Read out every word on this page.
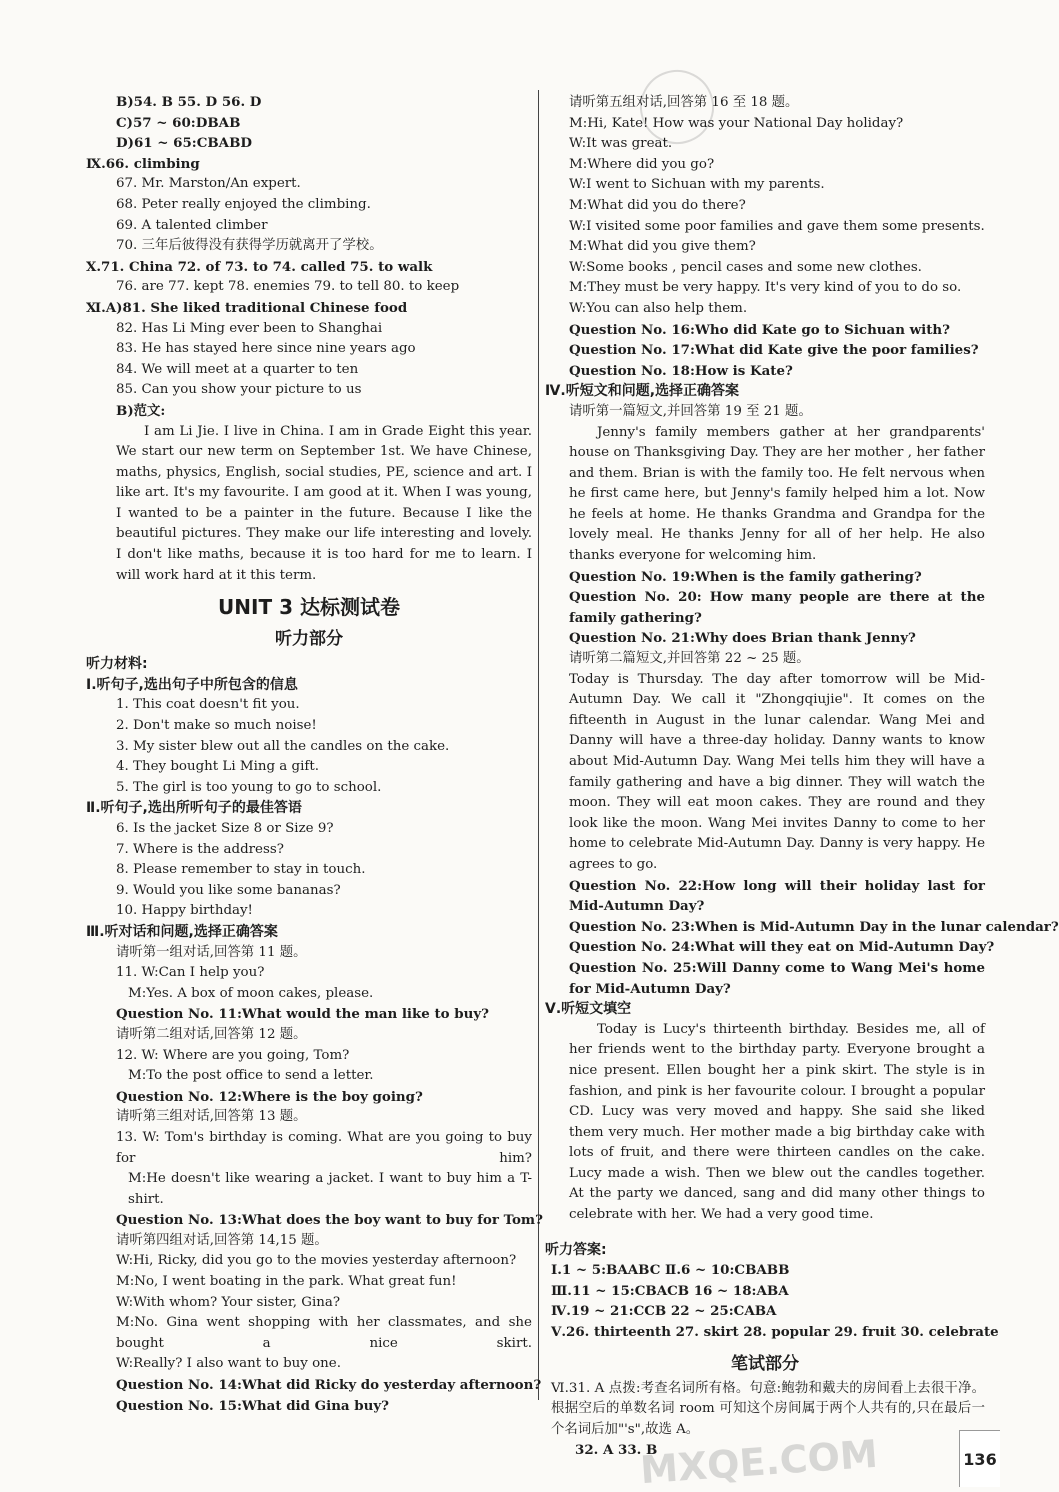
B)54. B 55. D 56. D
C)57 ~ 60:DBAB
D)61 ~ 65:CBABD
Ⅸ.66. climbing
67. Mr. Marston/An expert.
68. Peter really enjoyed the climbing.
69. A talented climber
70. 三年后彼得没有获得学历就离开了学校。
Ⅹ.71. China 72. of 73. to 74. called 75. to walk
76. are 77. kept 78. enemies 79. to tell 80. to keep
Ⅺ.A)81. She liked traditional Chinese food
82. Has Li Ming ever been to Shanghai
83. He has stayed here since nine years ago
84. We will meet at a quarter to ten
85. Can you show your picture to us
B)范文:
I am Li Jie. I live in China. I am in Grade Eight this year. We start our new term on September 1st. We have Chinese, maths, physics, English, social studies, PE, science and art. I like art. It's my favourite. I am good at it. When I was young, I wanted to be a painter in the future. Because I like the beautiful pictures. They make our life interesting and lovely. I don't like maths, because it is too hard for me to learn. I will work hard at it this term.
UNIT 3 达标测试卷
听力部分
听力材料:
Ⅰ.听句子,选出句子中所包含的信息
1. This coat doesn't fit you.
2. Don't make so much noise!
3. My sister blew out all the candles on the cake.
4. They bought Li Ming a gift.
5. The girl is too young to go to school.
Ⅱ.听句子,选出所听句子的最佳答语
6. Is the jacket Size 8 or Size 9?
7. Where is the address?
8. Please remember to stay in touch.
9. Would you like some bananas?
10. Happy birthday!
Ⅲ.听对话和问题,选择正确答案
请听第一组对话,回答第 11 题。
11. W:Can I help you?
M:Yes. A box of moon cakes, please.
Question No. 11:What would the man like to buy?
请听第二组对话,回答第 12 题。
12. W: Where are you going, Tom?
M:To the post office to send a letter.
Question No. 12:Where is the boy going?
请听第三组对话,回答第 13 题。
13. W: Tom's birthday is coming. What are you going to buy for him?
M:He doesn't like wearing a jacket. I want to buy him a T-shirt.
Question No. 13:What does the boy want to buy for Tom?
请听第四组对话,回答第 14,15 题。
W:Hi, Ricky, did you go to the movies yesterday afternoon?
M:No, I went boating in the park. What great fun!
W:With whom? Your sister, Gina?
M:No. Gina went shopping with her classmates, and she bought a nice skirt.
W:Really? I also want to buy one.
Question No. 14:What did Ricky do yesterday afternoon?
Question No. 15:What did Gina buy?
请听第五组对话,回答第 16 至 18 题。
M:Hi, Kate! How was your National Day holiday?
W:It was great.
M:Where did you go?
W:I went to Sichuan with my parents.
M:What did you do there?
W:I visited some poor families and gave them some presents.
M:What did you give them?
W:Some books , pencil cases and some new clothes.
M:They must be very happy. It's very kind of you to do so.
W:You can also help them.
Question No. 16:Who did Kate go to Sichuan with?
Question No. 17:What did Kate give the poor families?
Question No. 18:How is Kate?
Ⅳ.听短文和问题,选择正确答案
请听第一篇短文,并回答第 19 至 21 题。
Jenny's family members gather at her grandparents' house on Thanksgiving Day. They are her mother , her father and them. Brian is with the family too. He felt nervous when he first came here, but Jenny's family helped him a lot. Now he feels at home. He thanks Grandma and Grandpa for the lovely meal. He thanks Jenny for all of her help. He also thanks everyone for welcoming him.
Question No. 19:When is the family gathering?
Question No. 20: How many people are there at the family gathering?
Question No. 21:Why does Brian thank Jenny?
请听第二篇短文,并回答第 22 ~ 25 题。
Today is Thursday. The day after tomorrow will be Mid-Autumn Day. We call it "Zhongqiujie". It comes on the fifteenth in August in the lunar calendar. Wang Mei and Danny will have a three-day holiday. Danny wants to know about Mid-Autumn Day. Wang Mei tells him they will have a family gathering and have a big dinner. They will watch the moon. They will eat moon cakes. They are round and they look like the moon. Wang Mei invites Danny to come to her home to celebrate Mid-Autumn Day. Danny is very happy. He agrees to go.
Question No. 22:How long will their holiday last for Mid-Autumn Day?
Question No. 23:When is Mid-Autumn Day in the lunar calendar?
Question No. 24:What will they eat on Mid-Autumn Day?
Question No. 25:Will Danny come to Wang Mei's home for Mid-Autumn Day?
Ⅴ.听短文填空
Today is Lucy's thirteenth birthday. Besides me, all of her friends went to the birthday party. Everyone brought a nice present. Ellen bought her a pink skirt. The style is in fashion, and pink is her favourite colour. I brought a popular CD. Lucy was very moved and happy. She said she liked them very much. Her mother made a big birthday cake with lots of fruit, and there were thirteen candles on the cake. Lucy made a wish. Then we blew out the candles together. At the party we danced, sang and did many other things to celebrate with her. We had a very good time.
听力答案:
Ⅰ.1 ~ 5:BAABC Ⅱ.6 ~ 10:CBABB
Ⅲ.11 ~ 15:CBACB 16 ~ 18:ABA
Ⅳ.19 ~ 21:CCB 22 ~ 25:CABA
Ⅴ.26. thirteenth 27. skirt 28. popular 29. fruit 30. celebrate
笔试部分
Ⅵ.31. A 点拨:考查名词所有格。句意:鲍勃和戴夫的房间看上去很干净。根据空后的单数名词 room 可知这个房间属于两个人共有的,只在最后一个名词后加"'s",故选 A。
32. A 33. B	136
MXQE.COM
